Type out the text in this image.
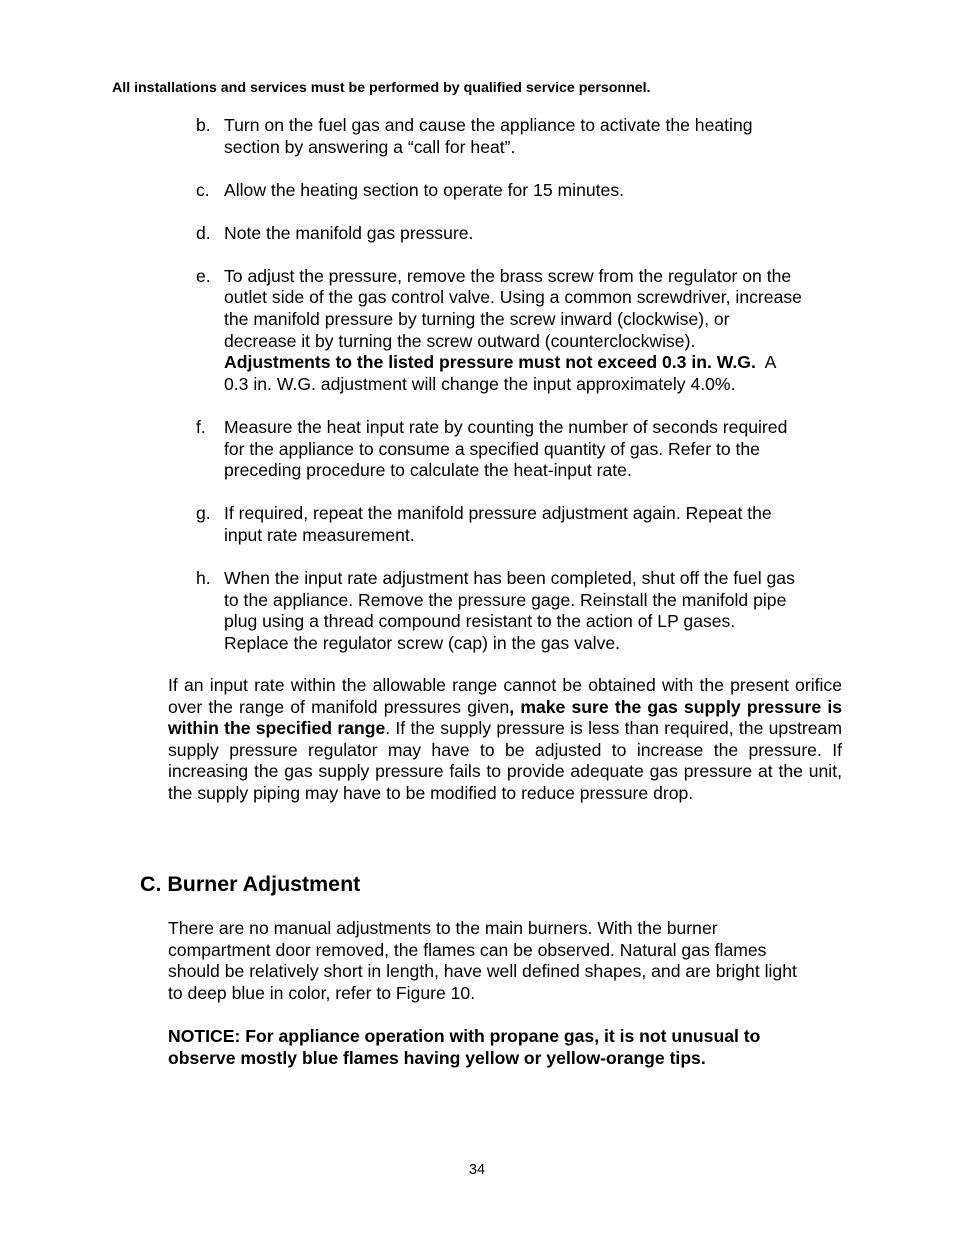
All installations and services must be performed by qualified service personnel.
b. Turn on the fuel gas and cause the appliance to activate the heating
section by answering a “call for heat”.
c. Allow the heating section to operate for 15 minutes.
d. Note the manifold gas pressure.
e. To adjust the pressure, remove the brass screw from the regulator on the
outlet side of the gas control valve. Using a common screwdriver, increase
the manifold pressure by turning the screw inward (clockwise), or
decrease it by turning the screw outward (counterclockwise).
Adjustments to the listed pressure must not exceed 0.3 in. W.G. A
0.3 in. W.G. adjustment will change the input approximately 4.0%.
f.	Measure the heat input rate by counting the number of seconds required
for the appliance to consume a specified quantity of gas. Refer to the
preceding procedure to calculate the heat-input rate.
g. If required, repeat the manifold pressure adjustment again. Repeat the
input rate measurement.
h. When the input rate adjustment has been completed, shut off the fuel gas
to the appliance. Remove the pressure gage. Reinstall the manifold pipe
plug using a thread compound resistant to the action of LP gases.
Replace the regulator screw (cap) in the gas valve.

If an input rate within the allowable range cannot be obtained with the present orifice over the range of manifold pressures given, make sure the gas supply pressure is within the specified range. If the supply pressure is less than required, the upstream supply pressure regulator may have to be adjusted to increase the pressure. If increasing the gas supply pressure fails to provide adequate gas pressure at the unit, the supply piping may have to be modified to reduce pressure drop.

C. Burner Adjustment
There are no manual adjustments to the main burners. With the burner
compartment door removed, the flames can be observed. Natural gas flames
should be relatively short in length, have well defined shapes, and are bright light
to deep blue in color, refer to Figure 10.
NOTICE: For appliance operation with propane gas, it is not unusual to
observe mostly blue flames having yellow or yellow-orange tips.
34
